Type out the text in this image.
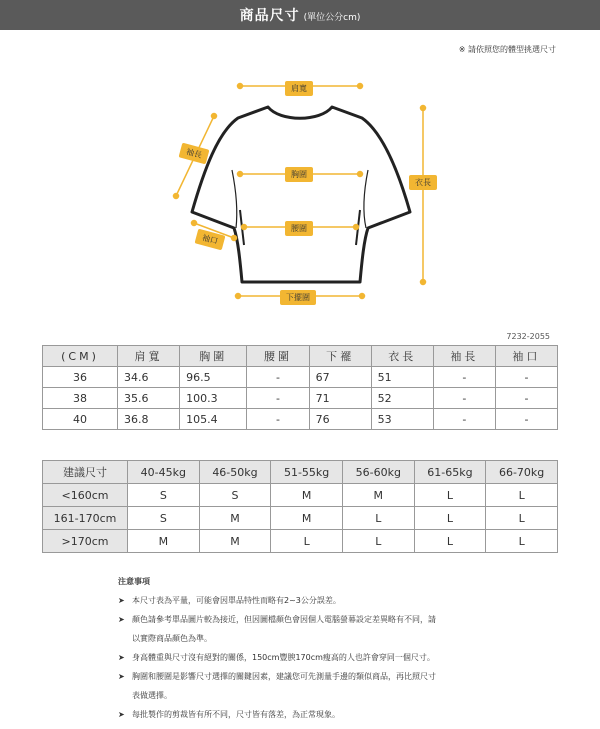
商品尺寸 (單位公分cm)
※ 請依照您的體型挑選尺寸
肩寬
袖長
胸圍
衣長
腰圍
袖口
下擺圍
7232-2055
(CM)	肩寬	胸圍	腰圍	下襬	衣長	袖長	袖口
36	34.6	96.5	-	67	51	-	-
38	35.6	100.3	-	71	52	-	-
40	36.8	105.4	-	76	53	-	-
建議尺寸	40-45kg	46-50kg	51-55kg	56-60kg	61-65kg	66-70kg
<160cm	S	S	M	M	L	L
161-170cm	S	M	M	L	L	L
>170cm	M	M	L	L	L	L
注意事項
➤ 本尺寸表為平量，可能會因單品特性而略有2~3公分誤差。
➤ 顏色請參考單品圖片較為接近，但因圖檔顏色會因個人電腦螢幕設定差異略有不同，請
以實際商品顏色為準。
➤ 身高體重與尺寸沒有絕對的關係，150cm豐腴170cm瘦高的人也許會穿同一個尺寸。
➤ 胸圍和腰圍是影響尺寸選擇的關鍵因素，建議您可先測量手邊的類似商品，再比照尺寸
表做選擇。
➤ 每批製作的剪裁皆有所不同，尺寸皆有落差，為正常現象。
